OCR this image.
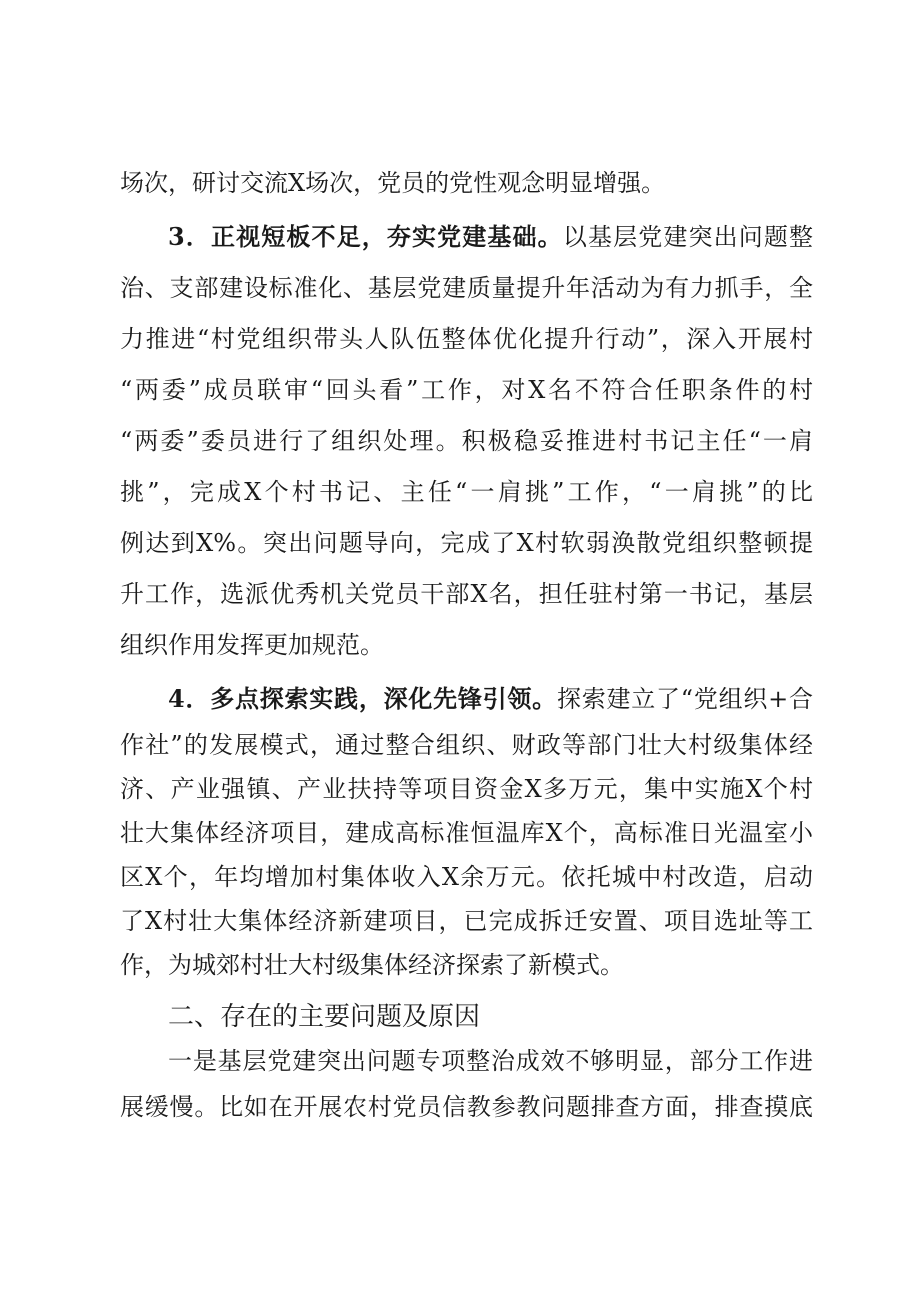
场次，研讨交流X场次，党员的党性观念明显增强。
3．正视短板不足，夯实党建基础。以基层党建突出问题整
治、支部建设标准化、基层党建质量提升年活动为有力抓手，全
力推进“村党组织带头人队伍整体优化提升行动”，深入开展村
“两委”成员联审“回头看”工作，对X名不符合任职条件的村
“两委”委员进行了组织处理。积极稳妥推进村书记主任“一肩
挑”，完成X个村书记、主任“一肩挑”工作，“一肩挑”的比
例达到X%。突出问题导向，完成了X村软弱涣散党组织整顿提
升工作，选派优秀机关党员干部X名，担任驻村第一书记，基层
组织作用发挥更加规范。
4．多点探索实践，深化先锋引领。探索建立了“党组织+合
作社”的发展模式，通过整合组织、财政等部门壮大村级集体经
济、产业强镇、产业扶持等项目资金X多万元，集中实施X个村
壮大集体经济项目，建成高标准恒温库X个，高标准日光温室小
区X个，年均增加村集体收入X余万元。依托城中村改造，启动
了X村壮大集体经济新建项目，已完成拆迁安置、项目选址等工
作，为城郊村壮大村级集体经济探索了新模式。
二、存在的主要问题及原因
一是基层党建突出问题专项整治成效不够明显，部分工作进
展缓慢。比如在开展农村党员信教参教问题排查方面，排查摸底
